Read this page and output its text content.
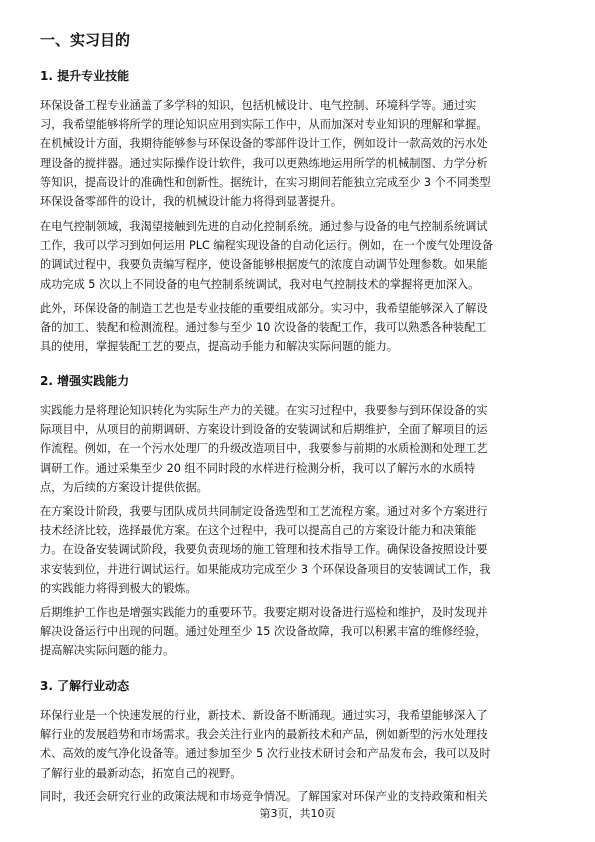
一、实习目的
1. 提升专业技能
环保设备工程专业涵盖了多学科的知识，包括机械设计、电气控制、环境科学等。通过实
习，我希望能够将所学的理论知识应用到实际工作中，从而加深对专业知识的理解和掌握。
在机械设计方面，我期待能够参与环保设备的零部件设计工作，例如设计一款高效的污水处
理设备的搅拌器。通过实际操作设计软件，我可以更熟练地运用所学的机械制图、力学分析
等知识，提高设计的准确性和创新性。据统计，在实习期间若能独立完成至少 3 个不同类型
环保设备零部件的设计，我的机械设计能力将得到显著提升。
在电气控制领域，我渴望接触到先进的自动化控制系统。通过参与设备的电气控制系统调试
工作，我可以学习到如何运用 PLC 编程实现设备的自动化运行。例如，在一个废气处理设备
的调试过程中，我要负责编写程序，使设备能够根据废气的浓度自动调节处理参数。如果能
成功完成 5 次以上不同设备的电气控制系统调试，我对电气控制技术的掌握将更加深入。
此外，环保设备的制造工艺也是专业技能的重要组成部分。实习中，我希望能够深入了解设
备的加工、装配和检测流程。通过参与至少 10 次设备的装配工作，我可以熟悉各种装配工
具的使用，掌握装配工艺的要点，提高动手能力和解决实际问题的能力。
2. 增强实践能力
实践能力是将理论知识转化为实际生产力的关键。在实习过程中，我要参与到环保设备的实
际项目中，从项目的前期调研、方案设计到设备的安装调试和后期维护，全面了解项目的运
作流程。例如，在一个污水处理厂的升级改造项目中，我要参与前期的水质检测和处理工艺
调研工作。通过采集至少 20 组不同时段的水样进行检测分析，我可以了解污水的水质特
点，为后续的方案设计提供依据。
在方案设计阶段，我要与团队成员共同制定设备选型和工艺流程方案。通过对多个方案进行
技术经济比较，选择最优方案。在这个过程中，我可以提高自己的方案设计能力和决策能
力。在设备安装调试阶段，我要负责现场的施工管理和技术指导工作。确保设备按照设计要
求安装到位，并进行调试运行。如果能成功完成至少 3 个环保设备项目的安装调试工作，我
的实践能力将得到极大的锻炼。
后期维护工作也是增强实践能力的重要环节。我要定期对设备进行巡检和维护，及时发现并
解决设备运行中出现的问题。通过处理至少 15 次设备故障，我可以积累丰富的维修经验，
提高解决实际问题的能力。
3. 了解行业动态
环保行业是一个快速发展的行业，新技术、新设备不断涌现。通过实习，我希望能够深入了
解行业的发展趋势和市场需求。我会关注行业内的最新技术和产品，例如新型的污水处理技
术、高效的废气净化设备等。通过参加至少 5 次行业技术研讨会和产品发布会，我可以及时
了解行业的最新动态，拓宽自己的视野。
同时，我还会研究行业的政策法规和市场竞争情况。了解国家对环保产业的支持政策和相关
第3页，共10页
